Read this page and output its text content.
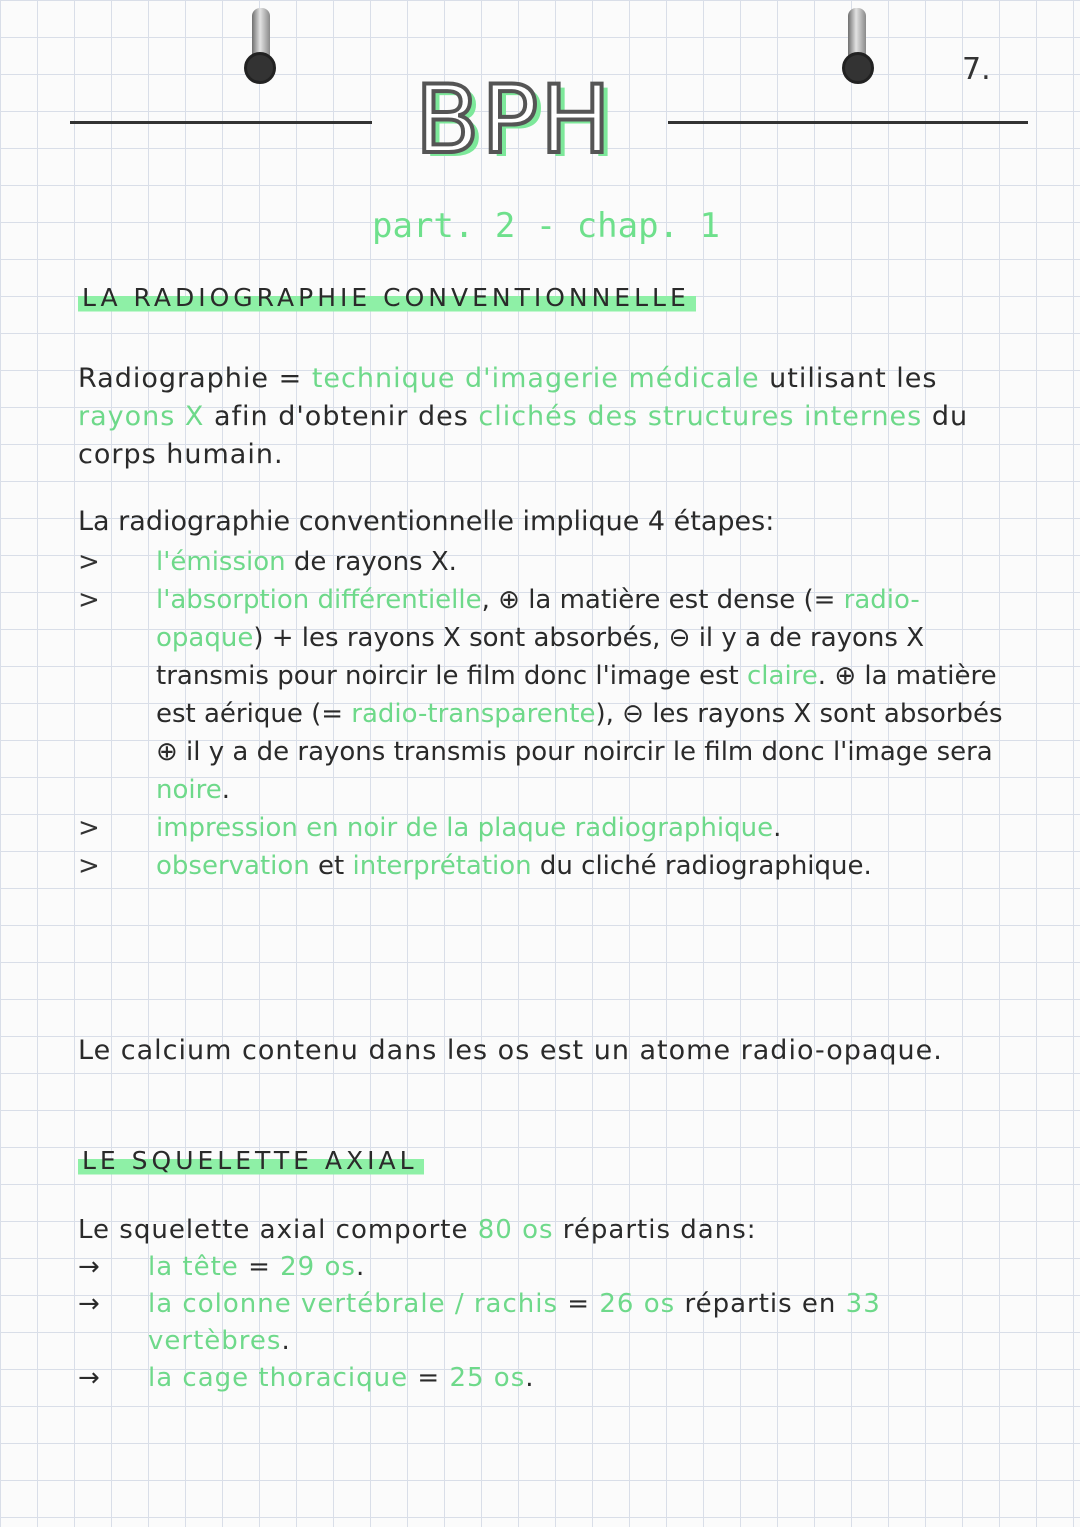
BPH	7.
part. 2 - chap. 1
LA RADIOGRAPHIE CONVENTIONNELLE
Radiographie = technique d'imagerie médicale utilisant les rayons X afin d'obtenir des clichés des structures internes du corps humain.
La radiographie conventionnelle implique 4 étapes:
>	l'émission de rayons X.
>	l'absorption différentielle, ⊕ la matière est dense (= radio-opaque) + les rayons X sont absorbés, ⊖ il y a de rayons X transmis pour noircir le film donc l'image est claire. ⊕ la matière est aérique (= radio-transparente), ⊖ les rayons X sont absorbés ⊕ il y a de rayons transmis pour noircir le film donc l'image sera noire.
>	impression en noir de la plaque radiographique.
>	observation et interprétation du cliché radiographique.
Le calcium contenu dans les os est un atome radio-opaque.
LE SQUELETTE AXIAL
Le squelette axial comporte 80 os répartis dans:
→	la tête = 29 os.
→	la colonne vertébrale / rachis = 26 os répartis en 33 vertèbres.
→	la cage thoracique = 25 os.
